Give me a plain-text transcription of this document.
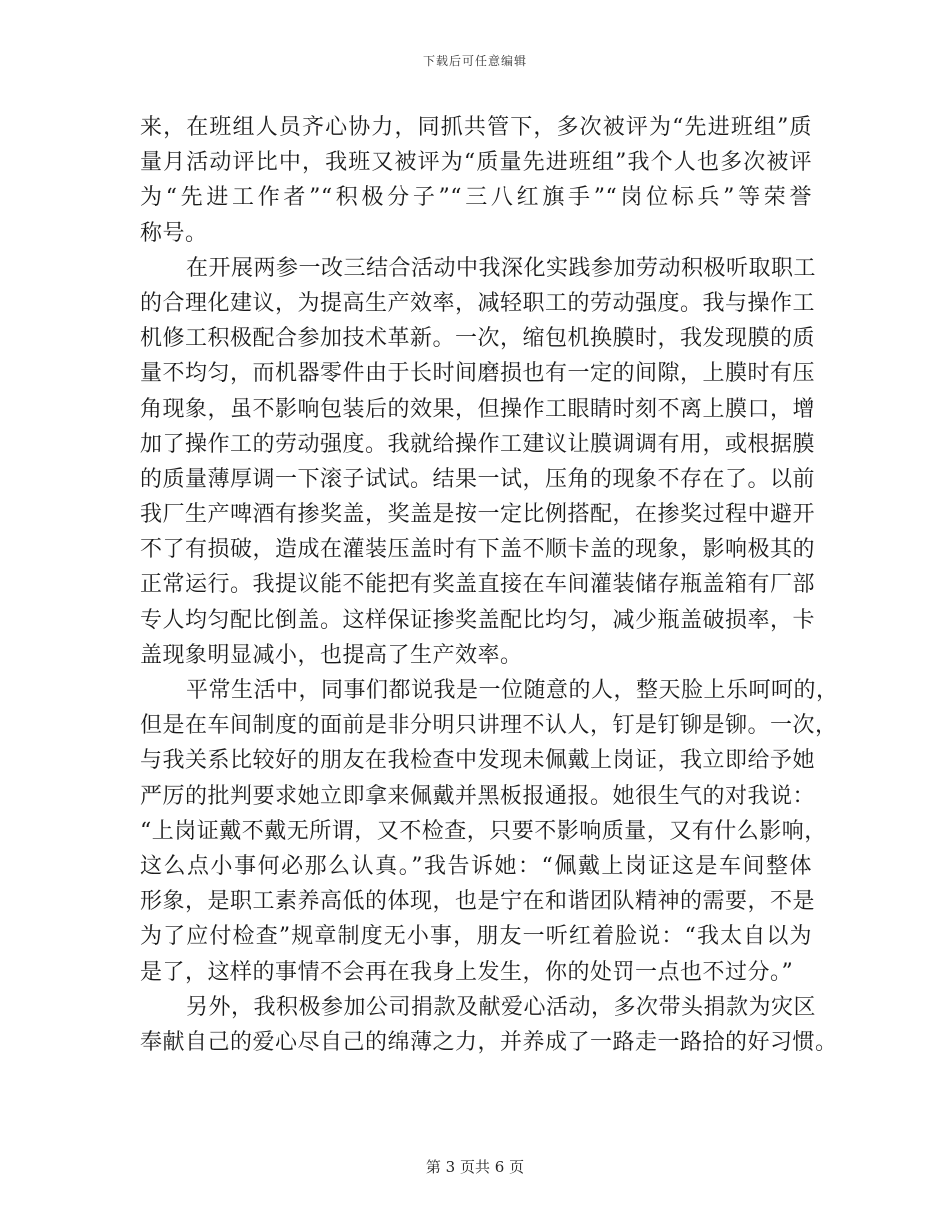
下载后可任意编辑
来，在班组人员齐心协力，同抓共管下，多次被评为“先进班组”质
量月活动评比中，我班又被评为“质量先进班组”我个人也多次被评
为“先进工作者”“积极分子”“三八红旗手”“岗位标兵”等荣誉
称号。
在开展两参一改三结合活动中我深化实践参加劳动积极听取职工
的合理化建议，为提高生产效率，减轻职工的劳动强度。我与操作工
机修工积极配合参加技术革新。一次，缩包机换膜时，我发现膜的质
量不均匀，而机器零件由于长时间磨损也有一定的间隙，上膜时有压
角现象，虽不影响包装后的效果，但操作工眼睛时刻不离上膜口，增
加了操作工的劳动强度。我就给操作工建议让膜调调有用，或根据膜
的质量薄厚调一下滚子试试。结果一试，压角的现象不存在了。以前
我厂生产啤酒有掺奖盖，奖盖是按一定比例搭配，在掺奖过程中避开
不了有损破，造成在灌装压盖时有下盖不顺卡盖的现象，影响极其的
正常运行。我提议能不能把有奖盖直接在车间灌装储存瓶盖箱有厂部
专人均匀配比倒盖。这样保证掺奖盖配比均匀，减少瓶盖破损率，卡
盖现象明显减小，也提高了生产效率。
平常生活中，同事们都说我是一位随意的人，整天脸上乐呵呵的，
但是在车间制度的面前是非分明只讲理不认人，钉是钉铆是铆。一次，
与我关系比较好的朋友在我检查中发现未佩戴上岗证，我立即给予她
严厉的批判要求她立即拿来佩戴并黑板报通报。她很生气的对我说：
“上岗证戴不戴无所谓，又不检查，只要不影响质量，又有什么影响，
这么点小事何必那么认真。”我告诉她：“佩戴上岗证这是车间整体
形象，是职工素养高低的体现，也是宁在和谐团队精神的需要，不是
为了应付检查”规章制度无小事，朋友一听红着脸说：“我太自以为
是了，这样的事情不会再在我身上发生，你的处罚一点也不过分。”
另外，我积极参加公司捐款及献爱心活动，多次带头捐款为灾区
奉献自己的爱心尽自己的绵薄之力，并养成了一路走一路拾的好习惯。
第 3 页共 6 页
